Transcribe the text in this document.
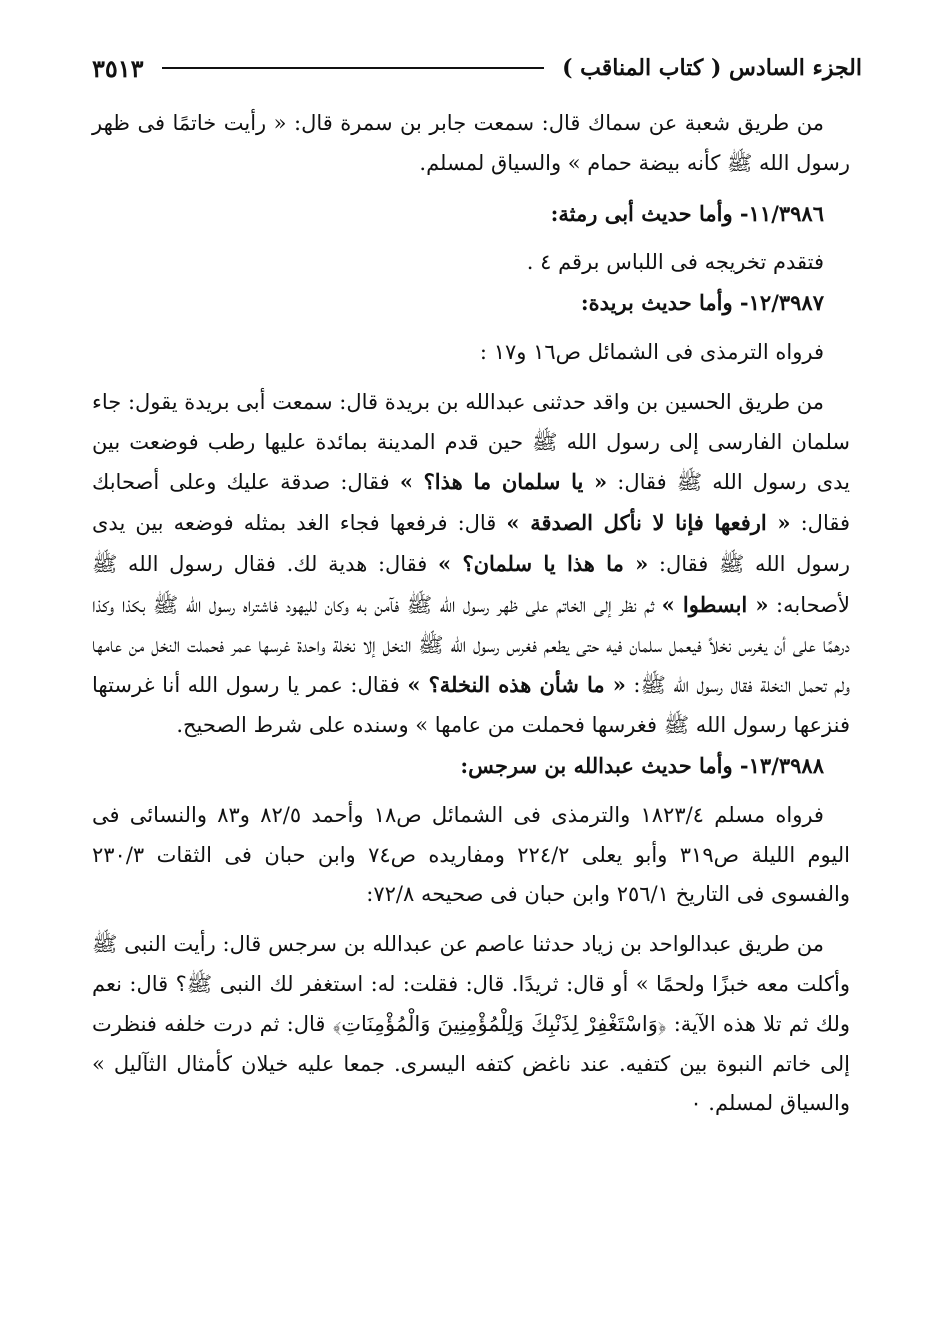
الجزء السادس ( كتاب المناقب )
٣٥١٣

من طريق شعبة عن سماك قال: سمعت جابر بن سمرة قال: « رأيت خاتمًا فى ظهر رسول الله ﷺ كأنه بيضة حمام » والسياق لمسلم.

١١/٣٩٨٦- وأما حديث أبى رمثة:

فتقدم تخريجه فى اللباس برقم ٤ .

١٢/٣٩٨٧- وأما حديث بريدة:

فرواه الترمذى فى الشمائل ص١٦ و١٧ :

من طريق الحسين بن واقد حدثنى عبدالله بن بريدة قال: سمعت أبى بريدة يقول: جاء سلمان الفارسى إلى رسول الله ﷺ حين قدم المدينة بمائدة عليها رطب فوضعت بين يدى رسول الله ﷺ فقال: « يا سلمان ما هذا؟ » فقال: صدقة عليك وعلى أصحابك فقال: « ارفعها فإنا لا نأكل الصدقة » قال: فرفعها فجاء الغد بمثله فوضعه بين يدى رسول الله ﷺ فقال: « ما هذا يا سلمان؟ » فقال: هدية لك. فقال رسول الله ﷺ لأصحابه: « ابسطوا » ثم نظر إلى الخاتم على ظهر رسول الله ﷺ فآمن به وكان لليهود فاشتراه رسول الله ﷺ بكذا وكذا درهمًا على أن يغرس نخلاً فيعمل سلمان فيه حتى يطعم فغرس رسول الله ﷺ النخل إلا نخلة واحدة غرسها عمر فحملت النخل من عامها ولم تحمل النخلة فقال رسول الله ﷺ: « ما شأن هذه النخلة؟ » فقال: عمر يا رسول الله أنا غرستها فنزعها رسول الله ﷺ فغرسها فحملت من عامها » وسنده على شرط الصحيح.

١٣/٣٩٨٨- وأما حديث عبدالله بن سرجس:

فرواه مسلم ١٨٢٣/٤ والترمذى فى الشمائل ص١٨ وأحمد ٨٢/٥ و٨٣ والنسائى فى اليوم الليلة ص٣١٩ وأبو يعلى ٢٢٤/٢ ومفاريده ص٧٤ وابن حبان فى الثقات ٢٣٠/٣ والفسوى فى التاريخ ٢٥٦/١ وابن حبان فى صحيحه ٧٢/٨:

من طريق عبدالواحد بن زياد حدثنا عاصم عن عبدالله بن سرجس قال: رأيت النبى ﷺ وأكلت معه خبزًا ولحمًا » أو قال: ثريدًا. قال: فقلت: له: استغفر لك النبى ﷺ؟ قال: نعم ولك ثم تلا هذه الآية: ﴿وَاسْتَغْفِرْ لِذَنْبِكَ وَلِلْمُؤْمِنِينَ وَالْمُؤْمِنَاتِ﴾ قال: ثم درت خلفه فنظرت إلى خاتم النبوة بين كتفيه. عند ناغض كتفه اليسرى. جمعا عليه خيلان كأمثال الثآليل » والسياق لمسلم. ٠
